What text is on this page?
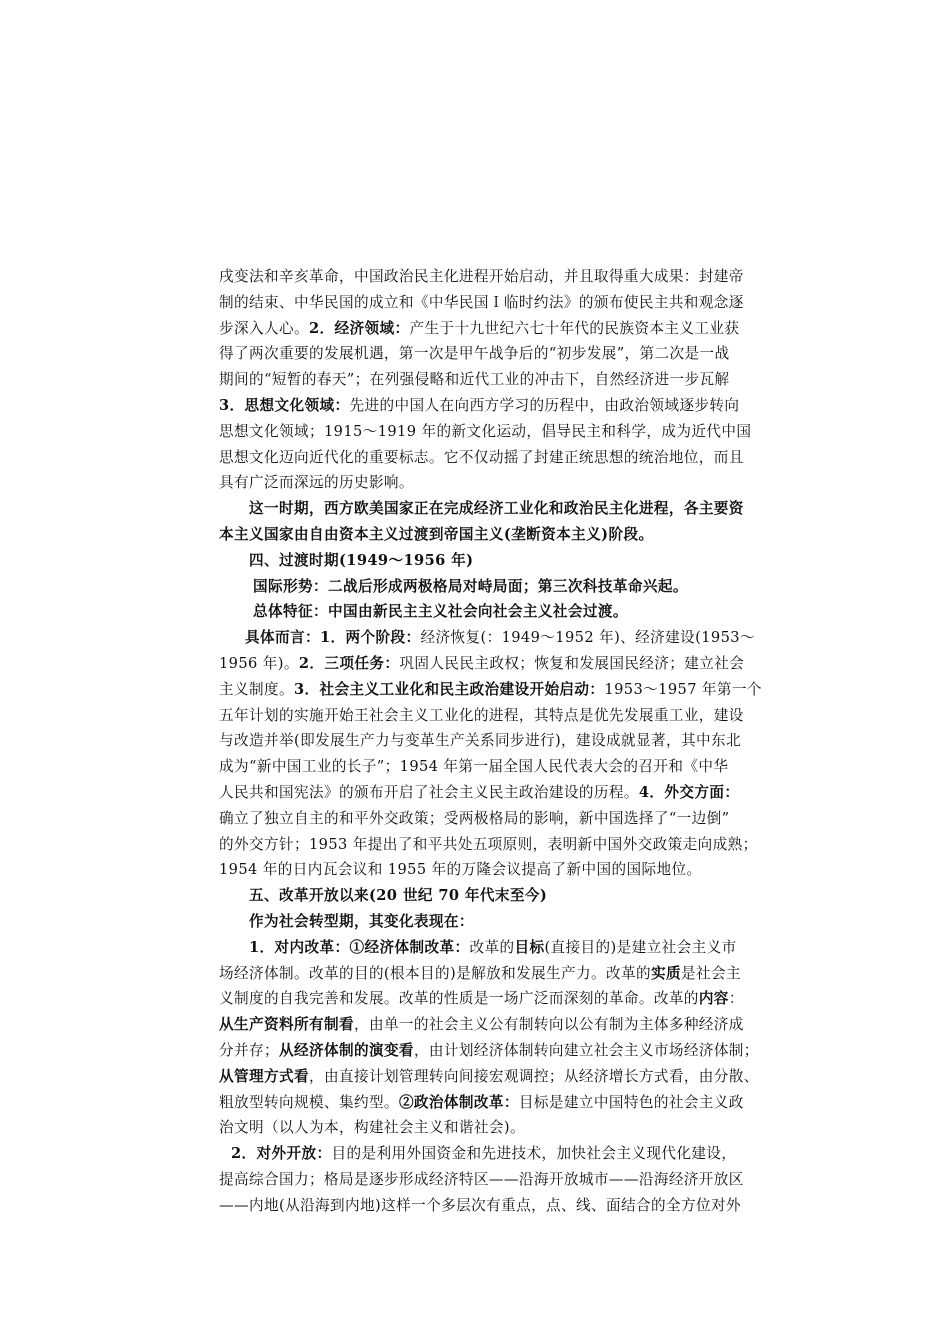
戌变法和辛亥革命，中国政治民主化进程开始启动，并且取得重大成果：封建帝
制的结束、中华民国的成立和《中华民国Ｉ临时约法》的颁布使民主共和观念逐
步深入人心。2．经济领域：产生于十九世纪六七十年代的民族资本主义工业获
得了两次重要的发展机遇，第一次是甲午战争后的“初步发展”，第二次是一战
期间的“短暂的春天”；在列强侵略和近代工业的冲击下，自然经济进一步瓦解
3．思想文化领域：先进的中国人在向西方学习的历程中，由政治领域逐步转向
思想文化领域；1915～1919 年的新文化运动，倡导民主和科学，成为近代中国
思想文化迈向近代化的重要标志。它不仅动摇了封建正统思想的统治地位，而且
具有广泛而深远的历史影响。
这一时期，西方欧美国家正在完成经济工业化和政治民主化进程，各主要资
本主义国家由自由资本主义过渡到帝国主义(垄断资本主义)阶段。
四、过渡时期(1949～1956 年)
国际形势：二战后形成两极格局对峙局面；第三次科技革命兴起。
总体特征：中国由新民主主义社会向社会主义社会过渡。
具体而言：1．两个阶段：经济恢复(：1949～1952 年)、经济建设(1953～
1956 年)。2．三项任务：巩固人民民主政权；恢复和发展国民经济；建立社会
主义制度。3．社会主义工业化和民主政治建设开始启动：1953～1957 年第一个
五年计划的实施开始王社会主义工业化的进程，其特点是优先发展重工业，建设
与改造并举(即发展生产力与变革生产关系同步进行)，建设成就显著，其中东北
成为“新中国工业的长子”；1954 年第一届全国人民代表大会的召开和《中华
人民共和国宪法》的颁布开启了社会主义民主政治建设的历程。4．外交方面：
确立了独立自主的和平外交政策；受两极格局的影响，新中国选择了“一边倒”
的外交方针；1953 年提出了和平共处五项原则，表明新中国外交政策走向成熟；
1954 年的日内瓦会议和 1955 年的万隆会议提高了新中国的国际地位。
五、改革开放以来(20 世纪 70 年代末至今)
作为社会转型期，其变化表现在：
1．对内改革：①经济体制改革：改革的目标(直接目的)是建立社会主义市
场经济体制。改革的目的(根本目的)是解放和发展生产力。改革的实质是社会主
义制度的自我完善和发展。改革的性质是一场广泛而深刻的革命。改革的内容：
从生产资料所有制看，由单一的社会主义公有制转向以公有制为主体多种经济成
分并存；从经济体制的演变看，由计划经济体制转向建立社会主义市场经济体制；
从管理方式看，由直接计划管理转向间接宏观调控；从经济增长方式看，由分散、
粗放型转向规模、集约型。②政治体制改革：目标是建立中国特色的社会主义政
治文明（以人为本，构建社会主义和谐社会)。
2．对外开放：目的是利用外国资金和先进技术，加快社会主义现代化建设，
提高综合国力；格局是逐步形成经济特区——沿海开放城市——沿海经济开放区
——内地(从沿海到内地)这样一个多层次有重点，点、线、面结合的全方位对外
